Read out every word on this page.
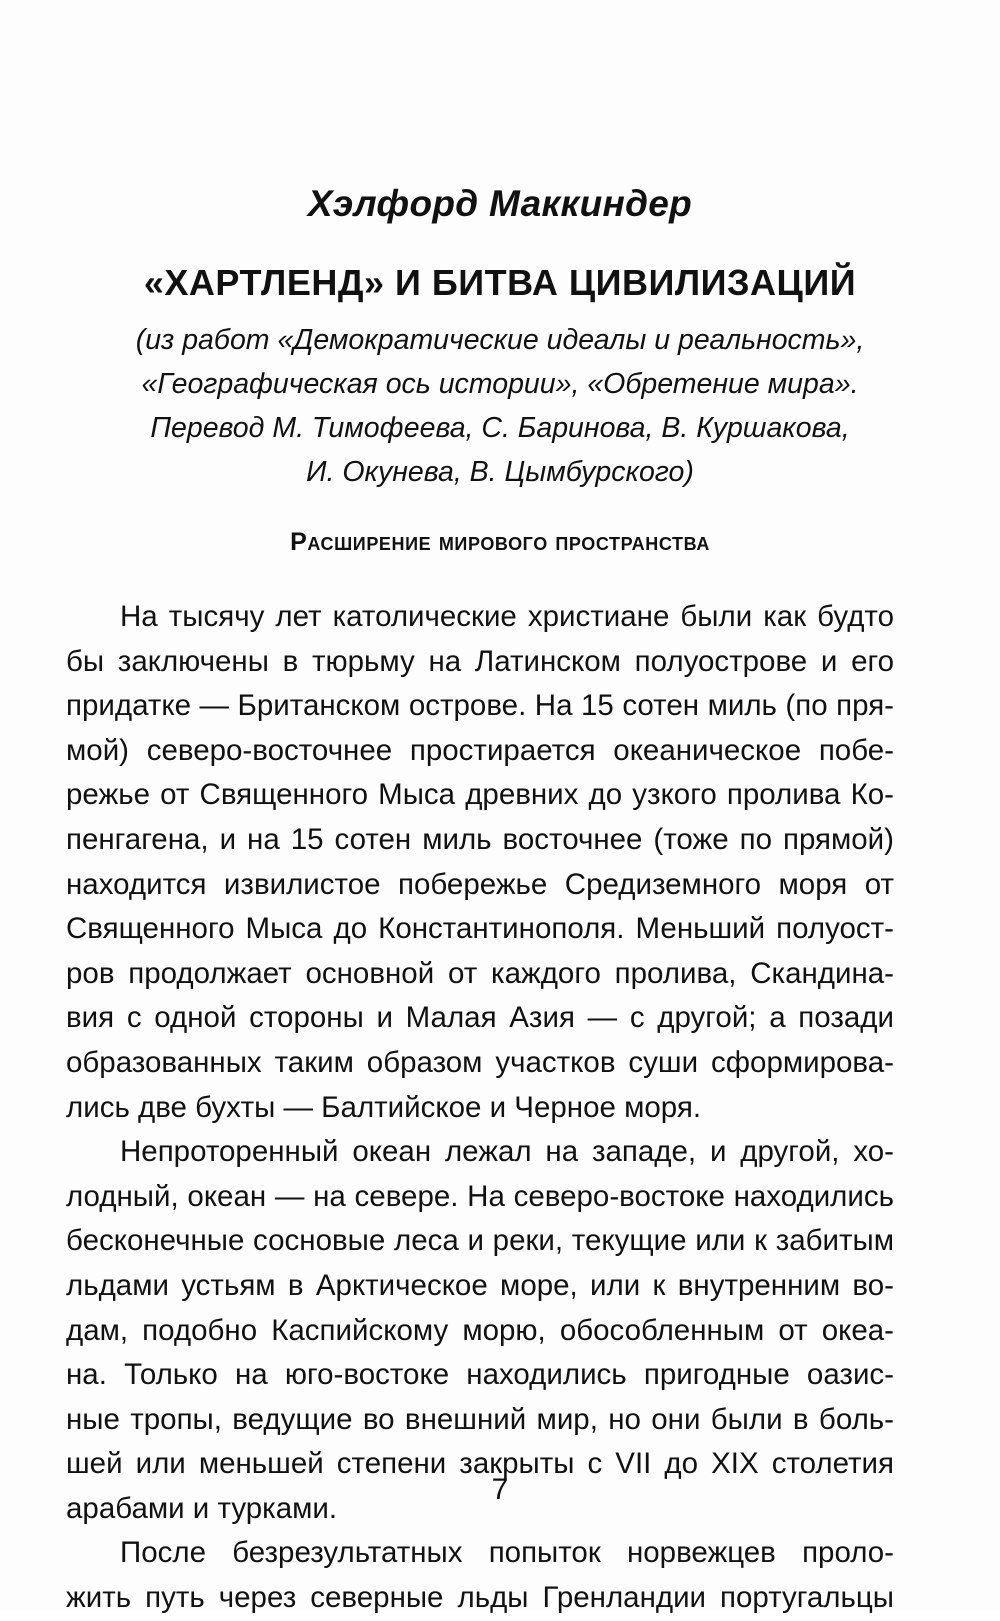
Хэлфорд Маккиндер
«ХАРТЛЕНД» И БИТВА ЦИВИЛИЗАЦИЙ
(из работ «Демократические идеалы и реальность»,
«Географическая ось истории», «Обретение мира».
Перевод М. Тимофеева, С. Баринова, В. Куршакова,
И. Окунева, В. Цымбурского)
Расширение мирового пространства
На тысячу лет католические христиане были как будто
бы заключены в тюрьму на Латинском полуострове и его
придатке — Британском острове. На 15 сотен миль (по пря-
мой) северо-восточнее простирается океаническое побе-
режье от Священного Мыса древних до узкого пролива Ко-
пенгагена, и на 15 сотен миль восточнее (тоже по прямой)
находится извилистое побережье Средиземного моря от
Священного Мыса до Константинополя. Меньший полуост-
ров продолжает основной от каждого пролива, Скандина-
вия с одной стороны и Малая Азия — с другой; а позади
образованных таким образом участков суши сформирова-
лись две бухты — Балтийское и Черное моря.
Непроторенный океан лежал на западе, и другой, хо-
лодный, океан — на севере. На северо-востоке находились
бесконечные сосновые леса и реки, текущие или к забитым
льдами устьям в Арктическое море, или к внутренним во-
дам, подобно Каспийскому морю, обособленным от океа-
на. Только на юго-востоке находились пригодные оазис-
ные тропы, ведущие во внешний мир, но они были в боль-
шей или меньшей степени закрыты с VII до XIX столетия
арабами и турками.
После безрезультатных попыток норвежцев проло-
жить путь через северные льды Гренландии португальцы
7
